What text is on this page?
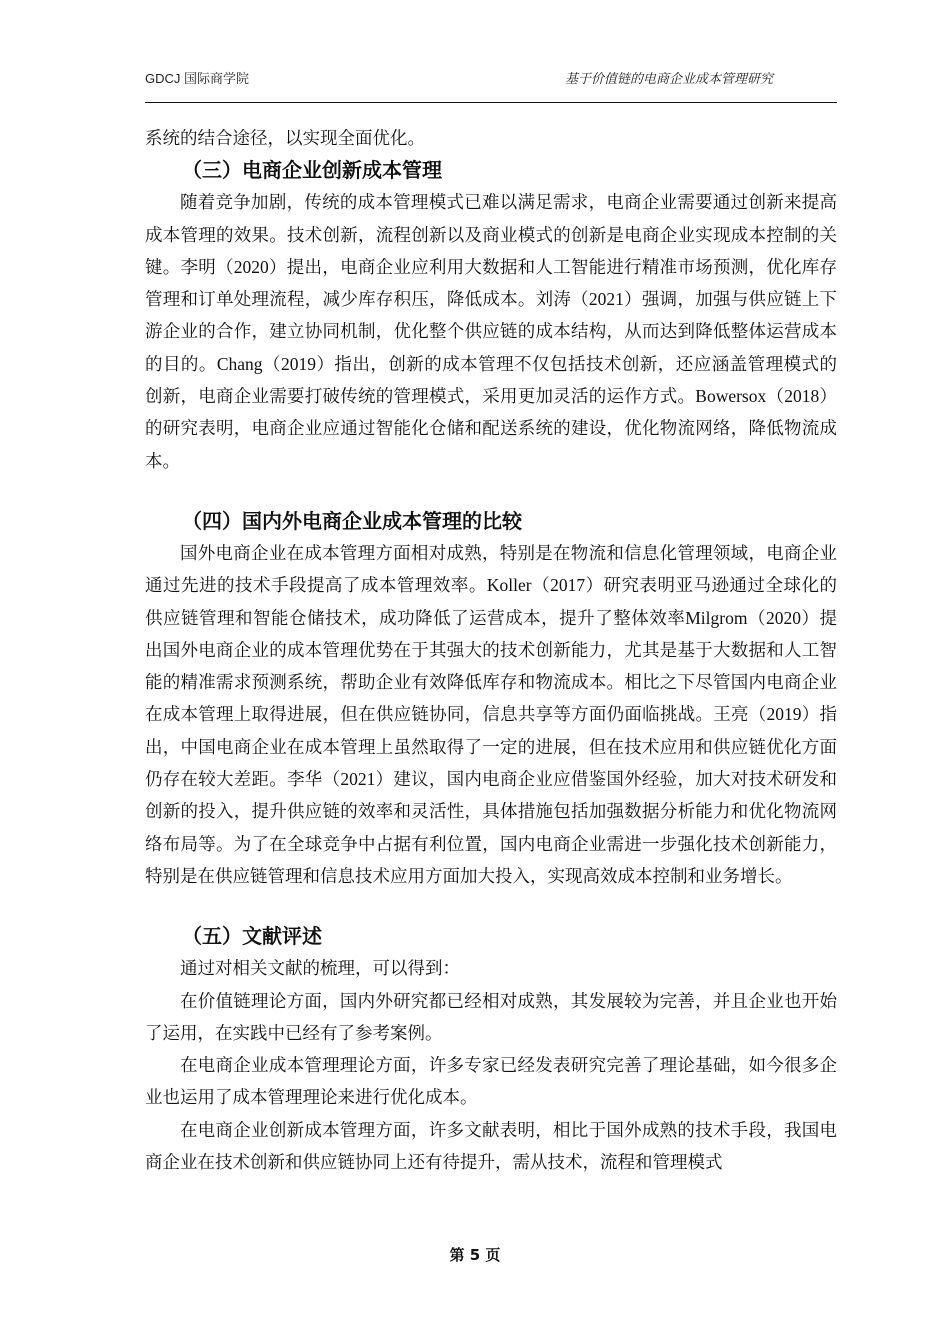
GDCJ 国际商学院	基于价值链的电商企业成本管理研究

系统的结合途径，以实现全面优化。

（三）电商企业创新成本管理

随着竞争加剧，传统的成本管理模式已难以满足需求，电商企业需要通过创新来提高成本管理的效果。技术创新，流程创新以及商业模式的创新是电商企业实现成本控制的关键。李明（2020）提出，电商企业应利用大数据和人工智能进行精准市场预测，优化库存管理和订单处理流程，减少库存积压，降低成本。刘涛（2021）强调，加强与供应链上下游企业的合作，建立协同机制，优化整个供应链的成本结构，从而达到降低整体运营成本的目的。Chang（2019）指出，创新的成本管理不仅包括技术创新，还应涵盖管理模式的创新，电商企业需要打破传统的管理模式，采用更加灵活的运作方式。Bowersox（2018）的研究表明，电商企业应通过智能化仓储和配送系统的建设，优化物流网络，降低物流成本。

（四）国内外电商企业成本管理的比较

国外电商企业在成本管理方面相对成熟，特别是在物流和信息化管理领域，电商企业通过先进的技术手段提高了成本管理效率。Koller（2017）研究表明亚马逊通过全球化的供应链管理和智能仓储技术，成功降低了运营成本，提升了整体效率Milgrom（2020）提出国外电商企业的成本管理优势在于其强大的技术创新能力，尤其是基于大数据和人工智能的精准需求预测系统，帮助企业有效降低库存和物流成本。相比之下尽管国内电商企业在成本管理上取得进展，但在供应链协同，信息共享等方面仍面临挑战。王亮（2019）指出，中国电商企业在成本管理上虽然取得了一定的进展，但在技术应用和供应链优化方面仍存在较大差距。李华（2021）建议，国内电商企业应借鉴国外经验，加大对技术研发和创新的投入，提升供应链的效率和灵活性，具体措施包括加强数据分析能力和优化物流网络布局等。为了在全球竞争中占据有利位置，国内电商企业需进一步强化技术创新能力，特别是在供应链管理和信息技术应用方面加大投入，实现高效成本控制和业务增长。

（五）文献评述

通过对相关文献的梳理，可以得到：

在价值链理论方面，国内外研究都已经相对成熟，其发展较为完善，并且企业也开始了运用，在实践中已经有了参考案例。

在电商企业成本管理理论方面，许多专家已经发表研究完善了理论基础，如今很多企业也运用了成本管理理论来进行优化成本。

在电商企业创新成本管理方面，许多文献表明，相比于国外成熟的技术手段，我国电商企业在技术创新和供应链协同上还有待提升，需从技术，流程和管理模式

第 5 页
